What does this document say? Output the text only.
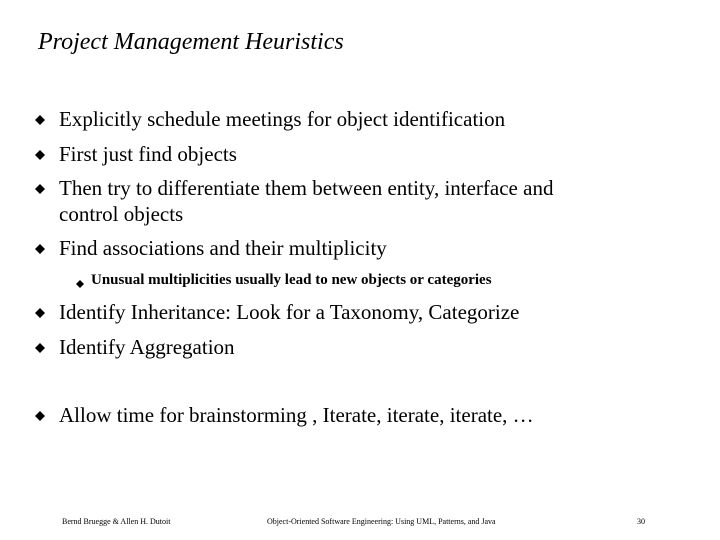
Project Management Heuristics
Explicitly schedule meetings for object identification
First just find objects
Then try to differentiate them between entity, interface and
control objects
Find associations and their multiplicity
Unusual multiplicities usually lead to new objects or categories
Identify Inheritance: Look for a Taxonomy, Categorize
Identify Aggregation
Allow time for brainstorming , Iterate, iterate, iterate, …
Bernd Bruegge & Allen H. Dutoit	Object-Oriented Software Engineering: Using UML, Patterns, and Java	30
